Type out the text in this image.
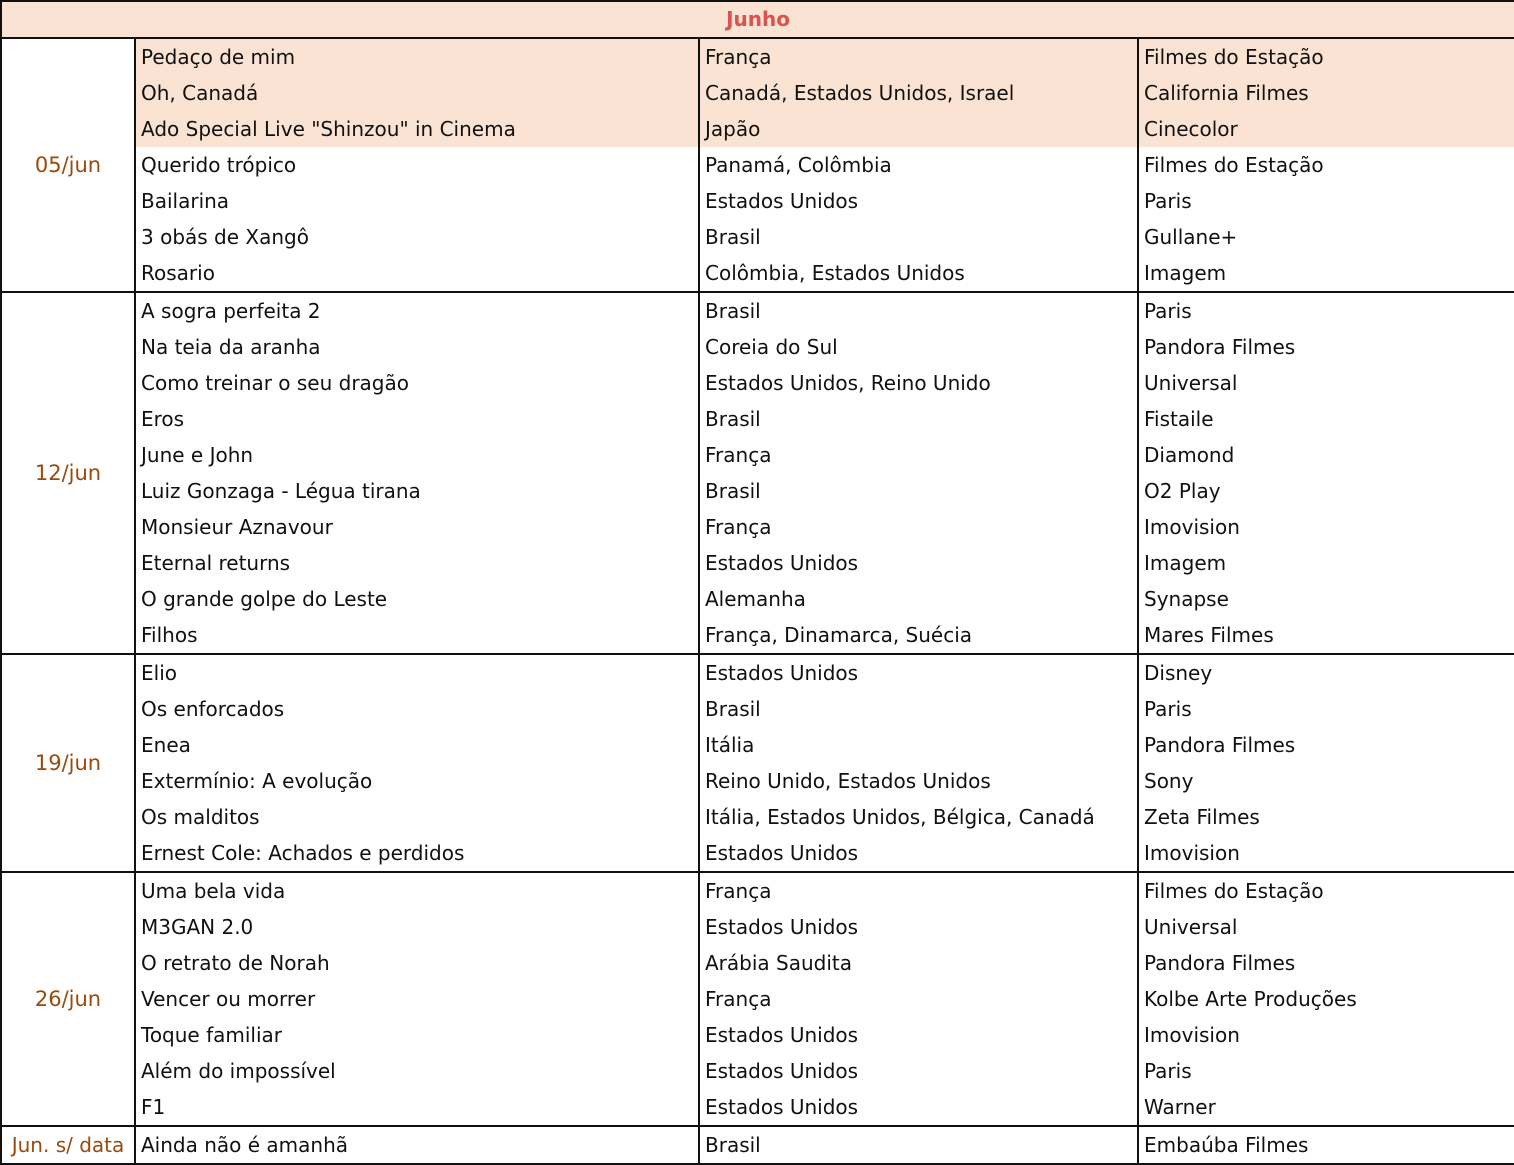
Junho			
05/jun	Pedaço de mim	França	Filmes do Estação
	Oh, Canadá	Canadá, Estados Unidos, Israel	California Filmes
	Ado Special Live "Shinzou" in Cinema	Japão	Cinecolor
	Querido trópico	Panamá, Colômbia	Filmes do Estação
	Bailarina	Estados Unidos	Paris
	3 obás de Xangô	Brasil	Gullane+
	Rosario	Colômbia, Estados Unidos	Imagem
12/jun	A sogra perfeita 2	Brasil	Paris
	Na teia da aranha	Coreia do Sul	Pandora Filmes
	Como treinar o seu dragão	Estados Unidos, Reino Unido	Universal
	Eros	Brasil	Fistaile
	June e John	França	Diamond
	Luiz Gonzaga - Légua tirana	Brasil	O2 Play
	Monsieur Aznavour	França	Imovision
	Eternal returns	Estados Unidos	Imagem
	O grande golpe do Leste	Alemanha	Synapse
	Filhos	França, Dinamarca, Suécia	Mares Filmes
19/jun	Elio	Estados Unidos	Disney
	Os enforcados	Brasil	Paris
	Enea	Itália	Pandora Filmes
	Extermínio: A evolução	Reino Unido, Estados Unidos	Sony
	Os malditos	Itália, Estados Unidos, Bélgica, Canadá	Zeta Filmes
	Ernest Cole: Achados e perdidos	Estados Unidos	Imovision
26/jun	Uma bela vida	França	Filmes do Estação
	M3GAN 2.0	Estados Unidos	Universal
	O retrato de Norah	Arábia Saudita	Pandora Filmes
	Vencer ou morrer	França	Kolbe Arte Produções
	Toque familiar	Estados Unidos	Imovision
	Além do impossível	Estados Unidos	Paris
	F1	Estados Unidos	Warner
Jun. s/ data	Ainda não é amanhã	Brasil	Embaúba Filmes
